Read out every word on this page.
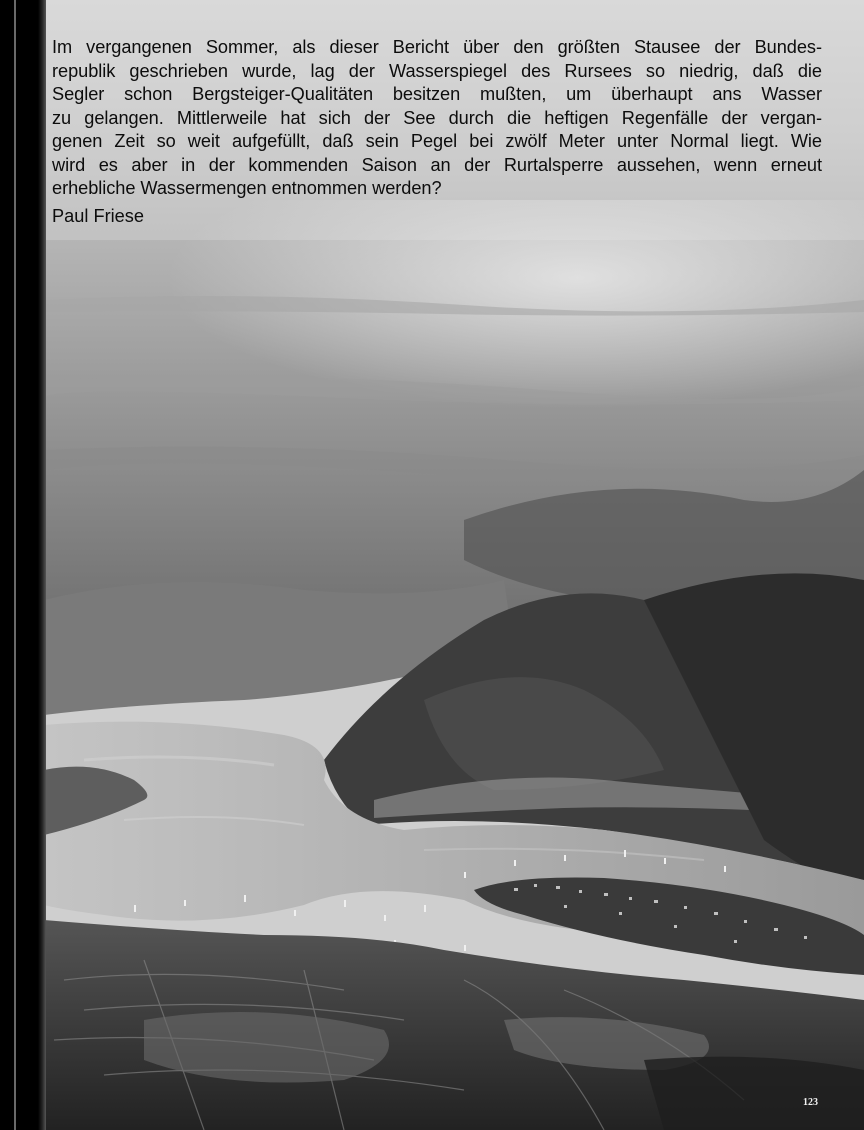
Im vergangenen Sommer, als dieser Bericht über den größten Stausee der Bundes-
republik geschrieben wurde, lag der Wasserspiegel des Rursees so niedrig, daß die
Segler schon Bergsteiger-Qualitäten besitzen mußten, um überhaupt ans Wasser
zu gelangen. Mittlerweile hat sich der See durch die heftigen Regenfälle der vergan-
genen Zeit so weit aufgefüllt, daß sein Pegel bei zwölf Meter unter Normal liegt. Wie
wird es aber in der kommenden Saison an der Rurtalsperre aussehen, wenn erneut
erhebliche Wassermengen entnommen werden?

Paul Friese
123
